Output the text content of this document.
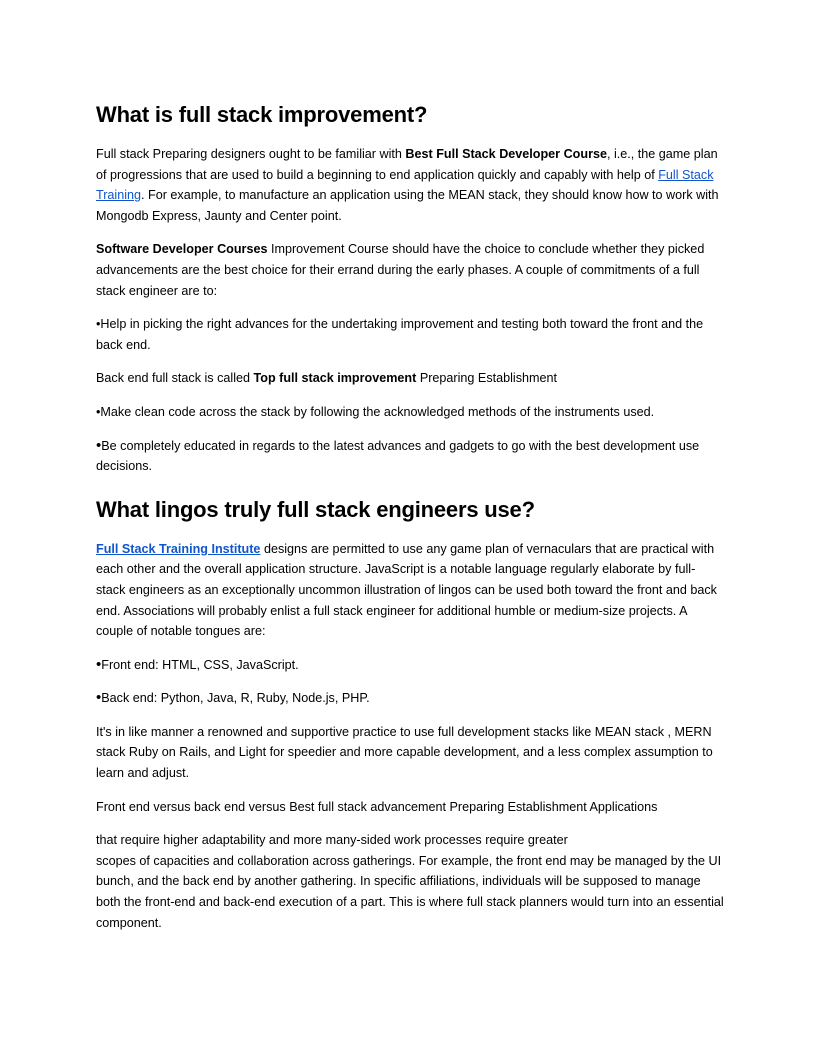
What is full stack improvement?

Full stack Preparing designers ought to be familiar with Best Full Stack Developer Course, i.e., the game plan of progressions that are used to build a beginning to end application quickly and capably with help of Full Stack Training. For example, to manufacture an application using the MEAN stack, they should know how to work with Mongodb Express, Jaunty and Center point.

Software Developer Courses Improvement Course should have the choice to conclude whether they picked advancements are the best choice for their errand during the early phases. A couple of commitments of a full stack engineer are to:

•Help in picking the right advances for the undertaking improvement and testing both toward the front and the back end.

Back end full stack is called Top full stack improvement Preparing Establishment

•Make clean code across the stack by following the acknowledged methods of the instruments used.

•Be completely educated in regards to the latest advances and gadgets to go with the best development use decisions.

What lingos truly full stack engineers use?

Full Stack Training Institute designs are permitted to use any game plan of vernaculars that are practical with each other and the overall application structure. JavaScript is a notable language regularly elaborate by full-stack engineers as an exceptionally uncommon illustration of lingos can be used both toward the front and back end. Associations will probably enlist a full stack engineer for additional humble or medium-size projects. A couple of notable tongues are:

•Front end: HTML, CSS, JavaScript.

•Back end: Python, Java, R, Ruby, Node.js, PHP.

It's in like manner a renowned and supportive practice to use full development stacks like MEAN stack , MERN stack Ruby on Rails, and Light for speedier and more capable development, and a less complex assumption to learn and adjust.

Front end versus back end versus Best full stack advancement Preparing Establishment Applications

that require higher adaptability and more many-sided work processes require greater
scopes of capacities and collaboration across gatherings. For example, the front end may be managed by the UI bunch, and the back end by another gathering. In specific affiliations, individuals will be supposed to manage both the front-end and back-end execution of a part. This is where full stack planners would turn into an essential component.
